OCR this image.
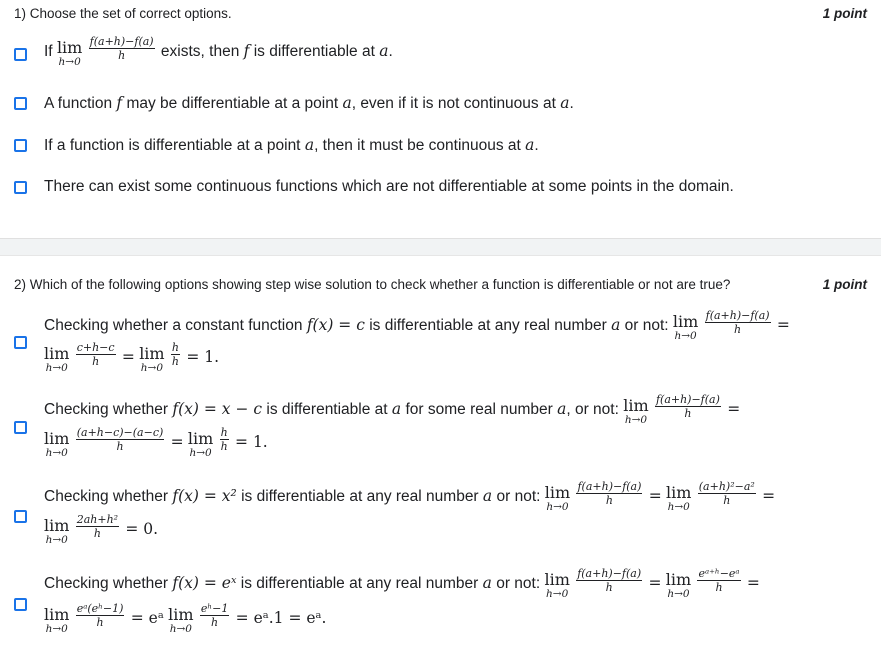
1) Choose the set of correct options.	1 point
If lim
h→0

$\frac{f(a+h)-f(a)}{h}$ exists, then f is differentiable at a.
A function f may be differentiable at a point a, even if it is not continuous at a.
If a function is differentiable at a point a, then it must be continuous at a.
There can exist some continuous functions which are not differentiable at some points in the domain.
2) Which of the following options showing step wise solution to check whether a function is differentiable or not are true?	1 point
Checking whether a constant function f(x) = c is differentiable at any real number a or not: lim
h→0

$\frac{f(a+h)-f(a)}{h}$ =
lim
h→0

$\frac{c+h-c}{h} = \lim$
h→0

$\frac{h}{h} = 1$.
Checking whether f(x) = x − c is differentiable at a for some real number a, or not: lim
h→0

$\frac{f(a+h)-f(a)}{h}$ =
lim
h→0

$\frac{(a+h-c)-(a-c)}{h} = \lim$
h→0

$\frac{h}{h} = 1$.
Checking whether f(x) = x² is differentiable at any real number a or not: lim
h→0

$\frac{f(a+h)-f(a)}{h} = \lim$
h→0

$\frac{\text{(a+h)²−a²}}{h}$ =
lim
h→0

$\frac{\text{2ah+h²}}{h} = 0$.
Checking whether f(x) = eˣ is differentiable at any real number a or not: lim
h→0

$\frac{f(a+h)-f(a)}{h} = \lim$
h→0

$\frac{\text{eᵃ⁺ʰ−eᵃ}}{h}$ =
lim
h→0

$\frac{\text{eᵃ(eʰ−1)}}{h}$ = eᵃ lim
h→0

$\frac{\text{eʰ−1}}{h}$ = eᵃ.1 = eᵃ.
